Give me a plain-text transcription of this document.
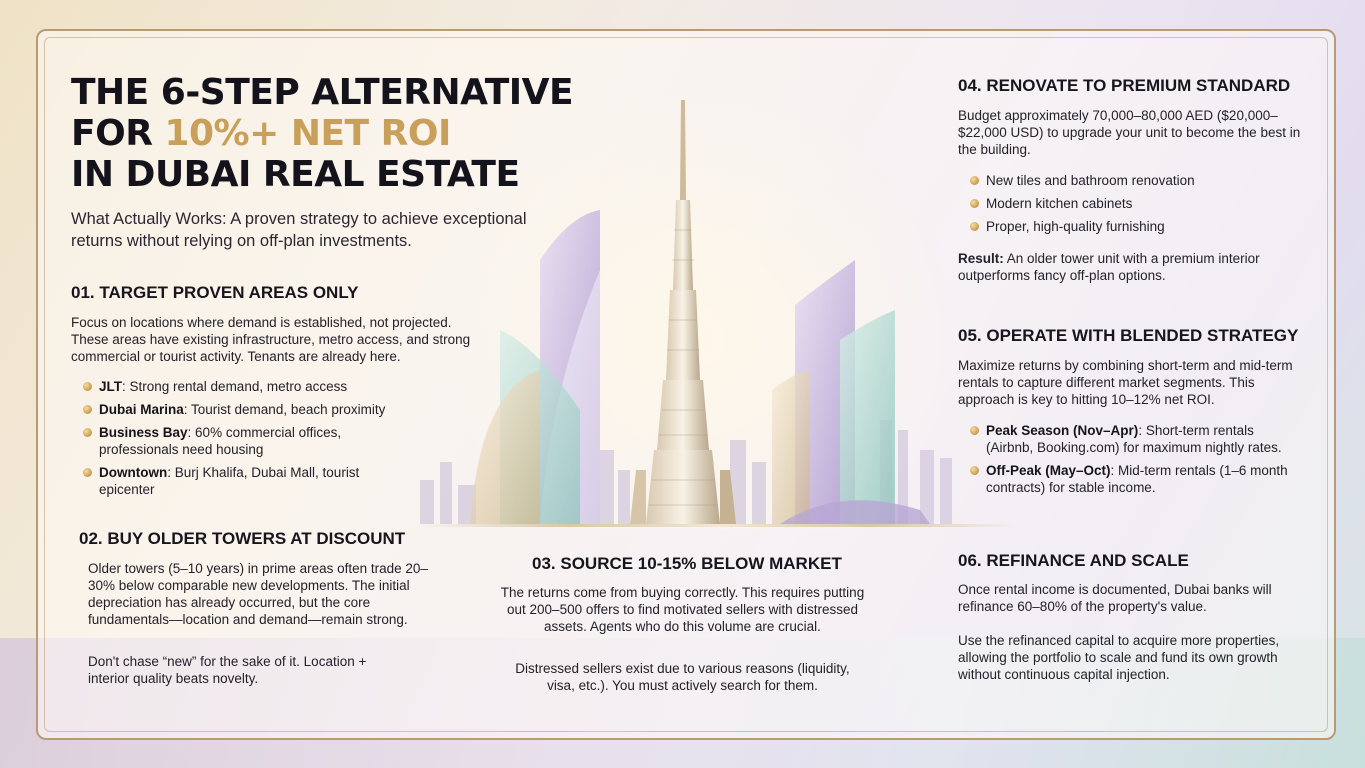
THE 6-STEP ALTERNATIVE
FOR 10%+ NET ROI
IN DUBAI REAL ESTATE
What Actually Works: A proven strategy to achieve exceptional returns without relying on off-plan investments.
01. TARGET PROVEN AREAS ONLY
Focus on locations where demand is established, not projected. These areas have existing infrastructure, metro access, and strong commercial or tourist activity. Tenants are already here.
JLT: Strong rental demand, metro access
Dubai Marina: Tourist demand, beach proximity
Business Bay: 60% commercial offices, professionals need housing
Downtown: Burj Khalifa, Dubai Mall, tourist epicenter
02. BUY OLDER TOWERS AT DISCOUNT
Older towers (5–10 years) in prime areas often trade 20–30% below comparable new developments. The initial depreciation has already occurred, but the core fundamentals—location and demand—remain strong.
Don't chase “new” for the sake of it. Location + interior quality beats novelty.
03. SOURCE 10-15% BELOW MARKET
The returns come from buying correctly. This requires putting out 200–500 offers to find motivated sellers with distressed assets. Agents who do this volume are crucial.
Distressed sellers exist due to various reasons (liquidity, visa, etc.). You must actively search for them.
04. RENOVATE TO PREMIUM STANDARD
Budget approximately 70,000–80,000 AED ($20,000–$22,000 USD) to upgrade your unit to become the best in the building.
New tiles and bathroom renovation
Modern kitchen cabinets
Proper, high-quality furnishing
Result: An older tower unit with a premium interior outperforms fancy off-plan options.
05. OPERATE WITH BLENDED STRATEGY
Maximize returns by combining short-term and mid-term rentals to capture different market segments. This approach is key to hitting 10–12% net ROI.
Peak Season (Nov–Apr): Short-term rentals (Airbnb, Booking.com) for maximum nightly rates.
Off-Peak (May–Oct): Mid-term rentals (1–6 month contracts) for stable income.
06. REFINANCE AND SCALE
Once rental income is documented, Dubai banks will refinance 60–80% of the property's value.
Use the refinanced capital to acquire more properties, allowing the portfolio to scale and fund its own growth without continuous capital injection.
